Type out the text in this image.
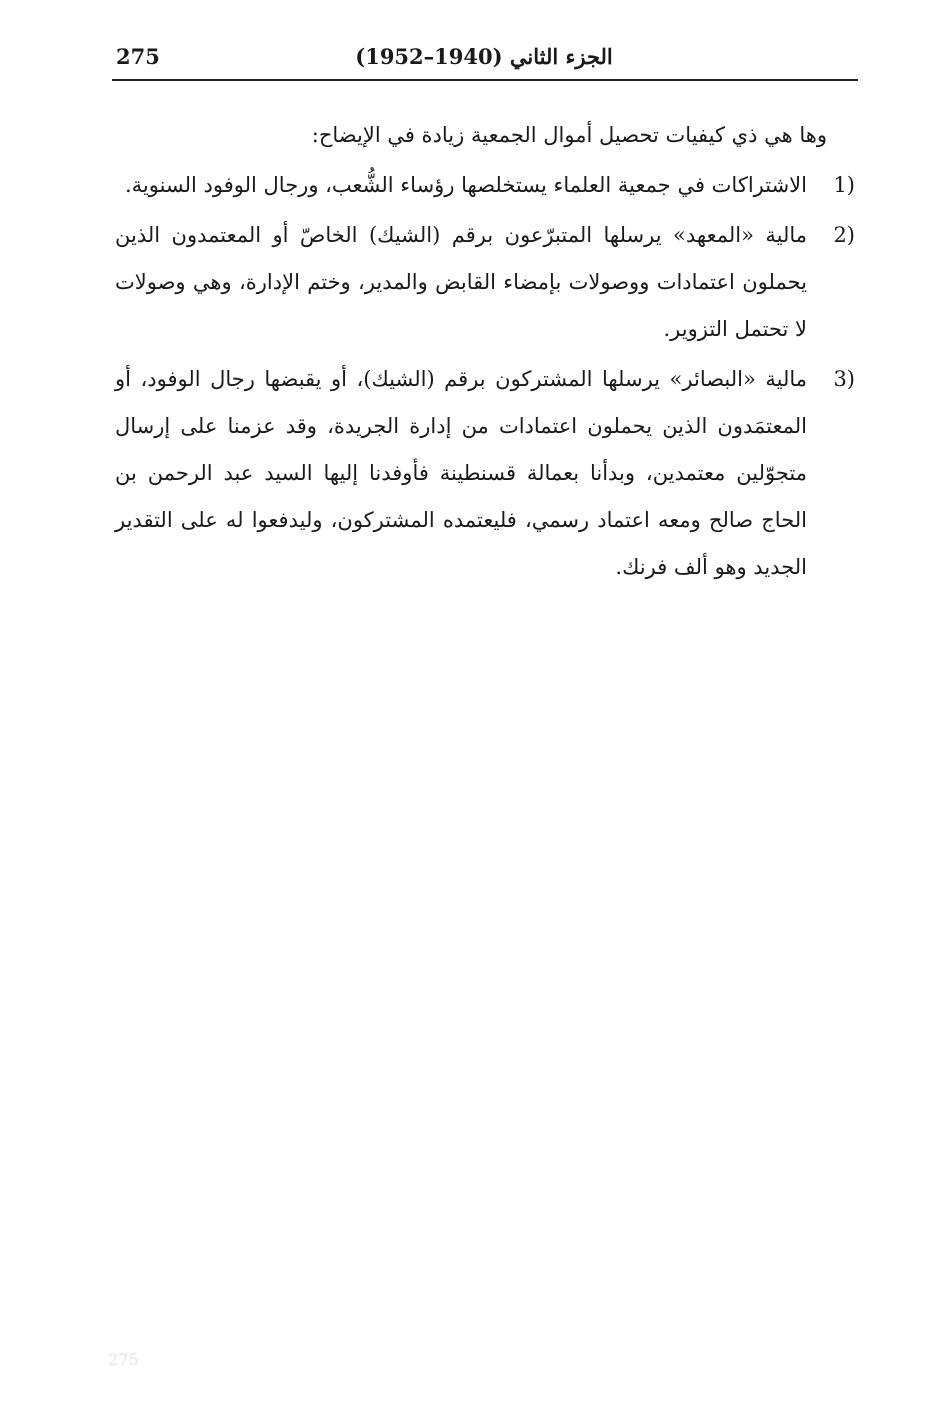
275	الجزء الثاني (1940–1952)

وها هي ذي كيفيات تحصيل أموال الجمعية زيادة في الإيضاح:

1)

الاشتراكات في جمعية العلماء يستخلصها رؤساء الشُّعب، ورجال الوفود السنوية.

2)

مالية «المعهد» يرسلها المتبرّعون برقم (الشيك) الخاصّ أو المعتمدون الذين يحملون اعتمادات ووصولات بإمضاء القابض والمدير، وختم الإدارة، وهي وصولات لا تحتمل التزوير.

3)

مالية «البصائر» يرسلها المشتركون برقم (الشيك)، أو يقبضها رجال الوفود، أو المعتمَدون الذين يحملون اعتمادات من إدارة الجريدة، وقد عزمنا على إرسال متجوّلين معتمدين، وبدأنا بعمالة قسنطينة فأوفدنا إليها السيد عبد الرحمن بن الحاج صالح ومعه اعتماد رسمي، فليعتمده المشتركون، وليدفعوا له على التقدير الجديد وهو ألف فرنك.

275
